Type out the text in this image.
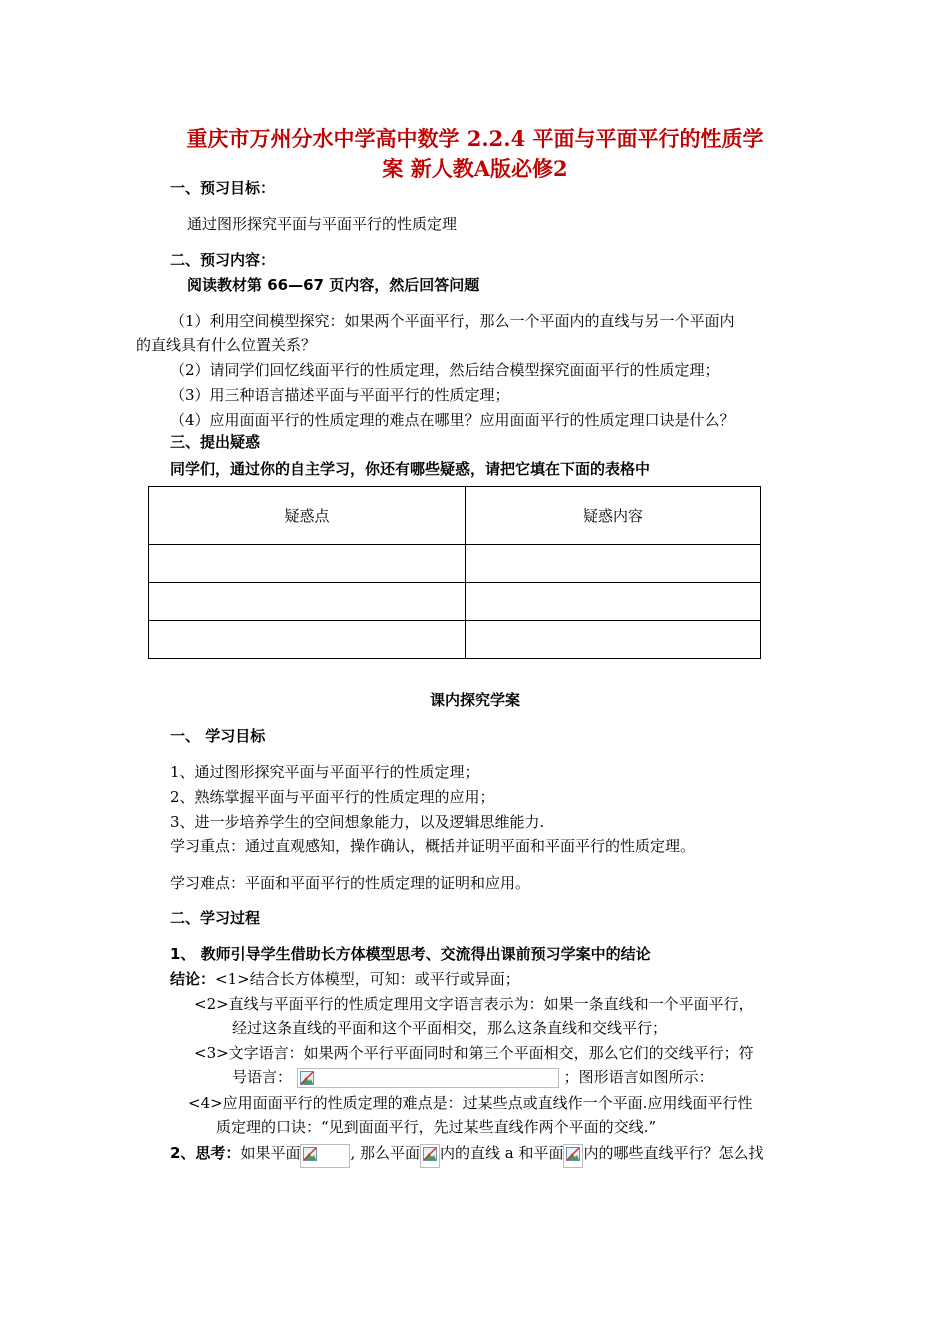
重庆市万州分水中学高中数学 2.2.4 平面与平面平行的性质学
案 新人教A版必修2
一、预习目标：
通过图形探究平面与平面平行的性质定理
二、预习内容：
阅读教材第 66—67 页内容，然后回答问题
（1）利用空间模型探究：如果两个平面平行，那么一个平面内的直线与另一个平面内
的直线具有什么位置关系？
（2）请同学们回忆线面平行的性质定理，然后结合模型探究面面平行的性质定理；
（3）用三种语言描述平面与平面平行的性质定理；
（4）应用面面平行的性质定理的难点在哪里？应用面面平行的性质定理口诀是什么？
三、提出疑惑
同学们，通过你的自主学习，你还有哪些疑惑，请把它填在下面的表格中
疑惑点	疑惑内容

课内探究学案
一、 学习目标
1、通过图形探究平面与平面平行的性质定理；
2、熟练掌握平面与平面平行的性质定理的应用；
3、进一步培养学生的空间想象能力，以及逻辑思维能力.
学习重点：通过直观感知，操作确认，概括并证明平面和平面平行的性质定理。
学习难点：平面和平面平行的性质定理的证明和应用。
二、学习过程
1、 教师引导学生借助长方体模型思考、交流得出课前预习学案中的结论
结论：<1>结合长方体模型，可知：或平行或异面；
<2>直线与平面平行的性质定理用文字语言表示为：如果一条直线和一个平面平行，
经过这条直线的平面和这个平面相交，那么这条直线和交线平行；
<3>文字语言：如果两个平行平面同时和第三个平面相交，那么它们的交线平行；符
号语言：	；图形语言如图所示：
<4>应用面面平行的性质定理的难点是：过某些点或直线作一个平面.应用线面平行性
质定理的口诀：“见到面面平行，先过某些直线作两个平面的交线.”
2、思考：如果平面	, 那么平面 内的直线 a 和平面 内的哪些直线平行？怎么找
